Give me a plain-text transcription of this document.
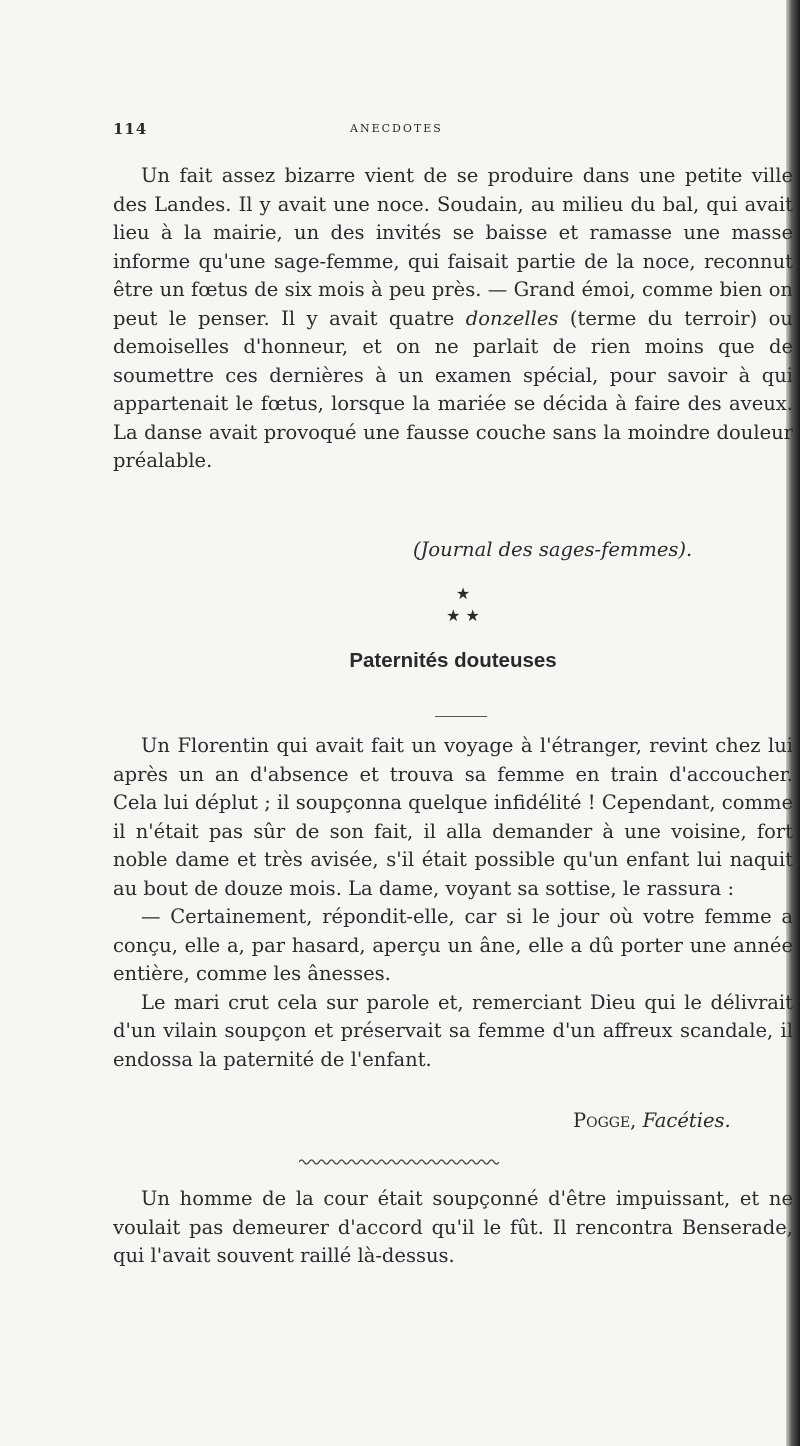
114	ANECDOTES

Un fait assez bizarre vient de se produire dans une petite ville des Landes. Il y avait une noce. Soudain, au milieu du bal, qui avait lieu à la mairie, un des invités se baisse et ramasse une masse informe qu'une sage-femme, qui faisait partie de la noce, reconnut être un fœtus de six mois à peu près. — Grand émoi, comme bien on peut le penser. Il y avait quatre donzelles (terme du terroir) ou demoiselles d'honneur, et on ne parlait de rien moins que de soumettre ces dernières à un examen spécial, pour savoir à qui appartenait le fœtus, lorsque la mariée se décida à faire des aveux. La danse avait provoqué une fausse couche sans la moindre douleur préalable.

(Journal des sages-femmes).

★
★ ★
Paternités douteuses

Un Florentin qui avait fait un voyage à l'étranger, revint chez lui après un an d'absence et trouva sa femme en train d'accoucher. Cela lui déplut ; il soupçonna quelque infidélité ! Cependant, comme il n'était pas sûr de son fait, il alla demander à une voisine, fort noble dame et très avisée, s'il était possible qu'un enfant lui naquit au bout de douze mois. La dame, voyant sa sottise, le rassura :

— Certainement, répondit-elle, car si le jour où votre femme a conçu, elle a, par hasard, aperçu un âne, elle a dû porter une année entière, comme les ânesses.

Le mari crut cela sur parole et, remerciant Dieu qui le délivrait d'un vilain soupçon et préservait sa femme d'un affreux scandale, il endossa la paternité de l'enfant.

Pogge, Facéties.

Un homme de la cour était soupçonné d'être impuissant, et ne voulait pas demeurer d'accord qu'il le fût. Il rencontra Benserade, qui l'avait souvent raillé là-dessus.
